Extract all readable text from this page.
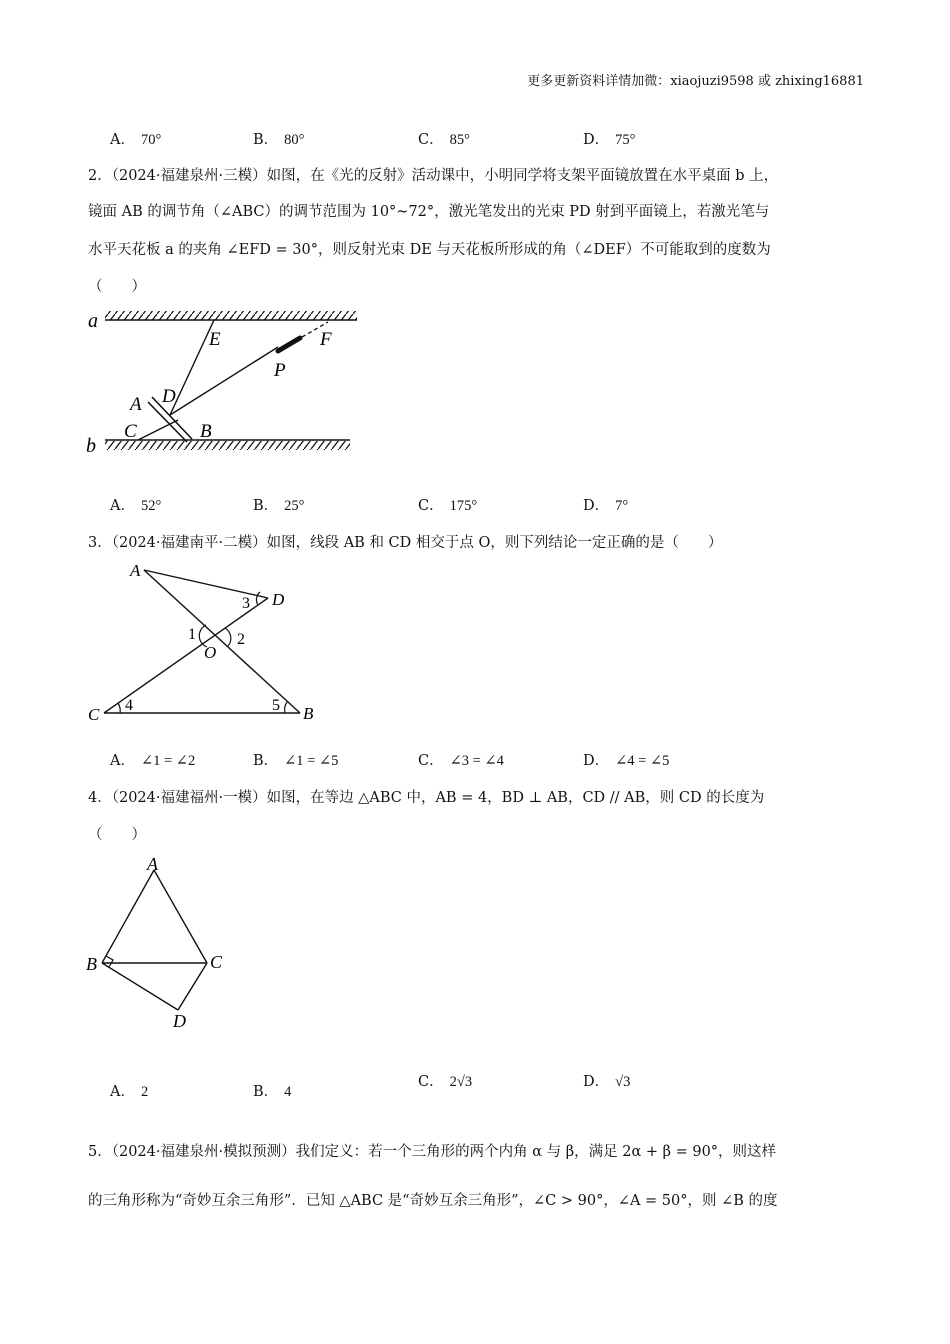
更多更新资料详情加微：xiaojuzi9598 或 zhixing16881
A． 70°	B． 80°	C． 85°	D． 75°
2．（2024·福建泉州·三模）如图，在《光的反射》活动课中，小明同学将支架平面镜放置在水平桌面 b 上，
镜面 AB 的调节角（∠ABC）的调节范围为 10°~72°，激光笔发出的光束 PD 射到平面镜上，若激光笔与
水平天花板 a 的夹角 ∠EFD = 30°，则反射光束 DE 与天花板所形成的角（∠DEF）不可能取到的度数为
（　　）
a
b
E	F
P
A D
C	B
A． 52°	B． 25°	C． 175°	D． 7°
3．（2024·福建南平·二模）如图，线段 AB 和 CD 相交于点 O，则下列结论一定正确的是（　　）
A
D
C	B
O
1	2
3
4	5
A． ∠1 = ∠2	B． ∠1 = ∠5	C． ∠3 = ∠4	D． ∠4 = ∠5
4．（2024·福建福州·一模）如图，在等边 △ABC 中，AB = 4，BD ⊥ AB，CD // AB，则 CD 的长度为
（　　）
A
B	C
D
A． 2	B． 4
C． 2√3	D． √3
5．（2024·福建泉州·模拟预测）我们定义：若一个三角形的两个内角 α 与 β，满足 2α + β = 90°，则这样
的三角形称为“奇妙互余三角形”．已知 △ABC 是“奇妙互余三角形”，∠C > 90°，∠A = 50°，则 ∠B 的度
